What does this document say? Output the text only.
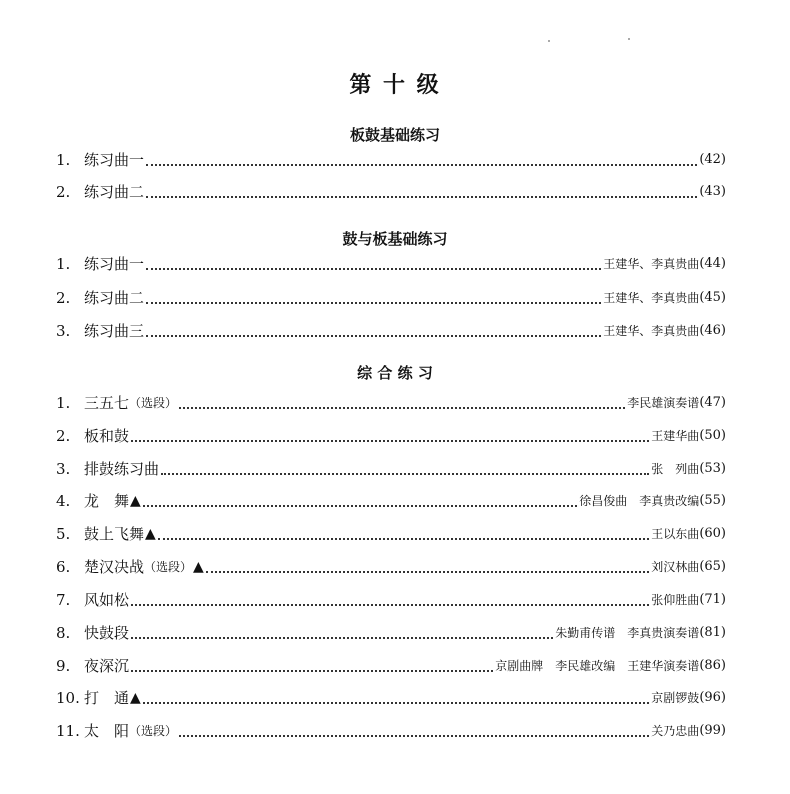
第 十 级
板鼓基础练习
1. 练习曲一	(42)
2. 练习曲二	(43)
鼓与板基础练习
1. 练习曲一	王建华、李真贵曲 (44)
2. 练习曲二	王建华、李真贵曲 (45)
3. 练习曲三	王建华、李真贵曲 (46)
综 合 练 习
1. 三五七 （选段）	李民雄演奏谱 (47)
2. 板和鼓	王建华曲 (50)
3. 排鼓练习曲	张　列曲 (53)
4. 龙　舞 ▲	徐昌俊曲　李真贵改编 (55)
5. 鼓上飞舞 ▲	王以东曲 (60)
6. 楚汉决战 （选段） ▲	刘汉林曲 (65)
7. 风如松	张仰胜曲 (71)
8. 快鼓段	朱勤甫传谱　李真贵演奏谱 (81)
9. 夜深沉	京剧曲牌　李民雄改编　王建华演奏谱 (86)
10. 打　通 ▲	京剧锣鼓 (96)
11. 太　阳 （选段）	关乃忠曲 (99)
